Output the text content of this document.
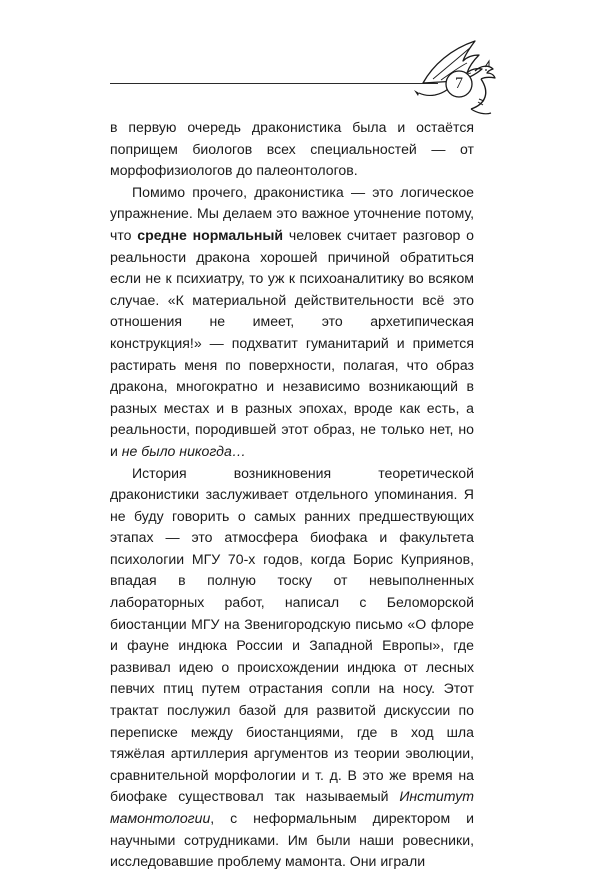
7

в первую очередь драконистика была и остаётся поприщем биологов всех специальностей — от морфофизиологов до палеонтологов.

Помимо прочего, драконистика — это логическое упражнение. Мы делаем это важное уточнение потому, что средне нормальный человек считает разговор о реальности дракона хорошей причиной обратиться если не к психиатру, то уж к психоаналитику во всяком случае. «К материальной действительности всё это отношения не имеет, это архетипическая конструкция!» — подхватит гуманитарий и примется растирать меня по поверхности, полагая, что образ дракона, многократно и независимо возникающий в разных местах и в разных эпохах, вроде как есть, а реальности, породившей этот образ, не только нет, но и не было никогда…

История возникновения теоретической драконистики заслуживает отдельного упоминания. Я не буду говорить о самых ранних предшествующих этапах — это атмосфера биофака и факультета психологии МГУ 70-х годов, когда Борис Куприянов, впадая в полную тоску от невыполненных лабораторных работ, написал с Беломорской биостанции МГУ на Звенигородскую письмо «О флоре и фауне индюка России и Западной Европы», где развивал идею о происхождении индюка от лесных певчих птиц путем отрастания сопли на носу. Этот трактат послужил базой для развитой дискуссии по переписке между биостанциями, где в ход шла тяжёлая артиллерия аргументов из теории эволюции, сравнительной морфологии и т. д. В это же время на биофаке существовал так называемый Институт мамонтологии, с неформальным директором и научными сотрудниками. Им были наши ровесники, исследовавшие проблему мамонта. Они играли
